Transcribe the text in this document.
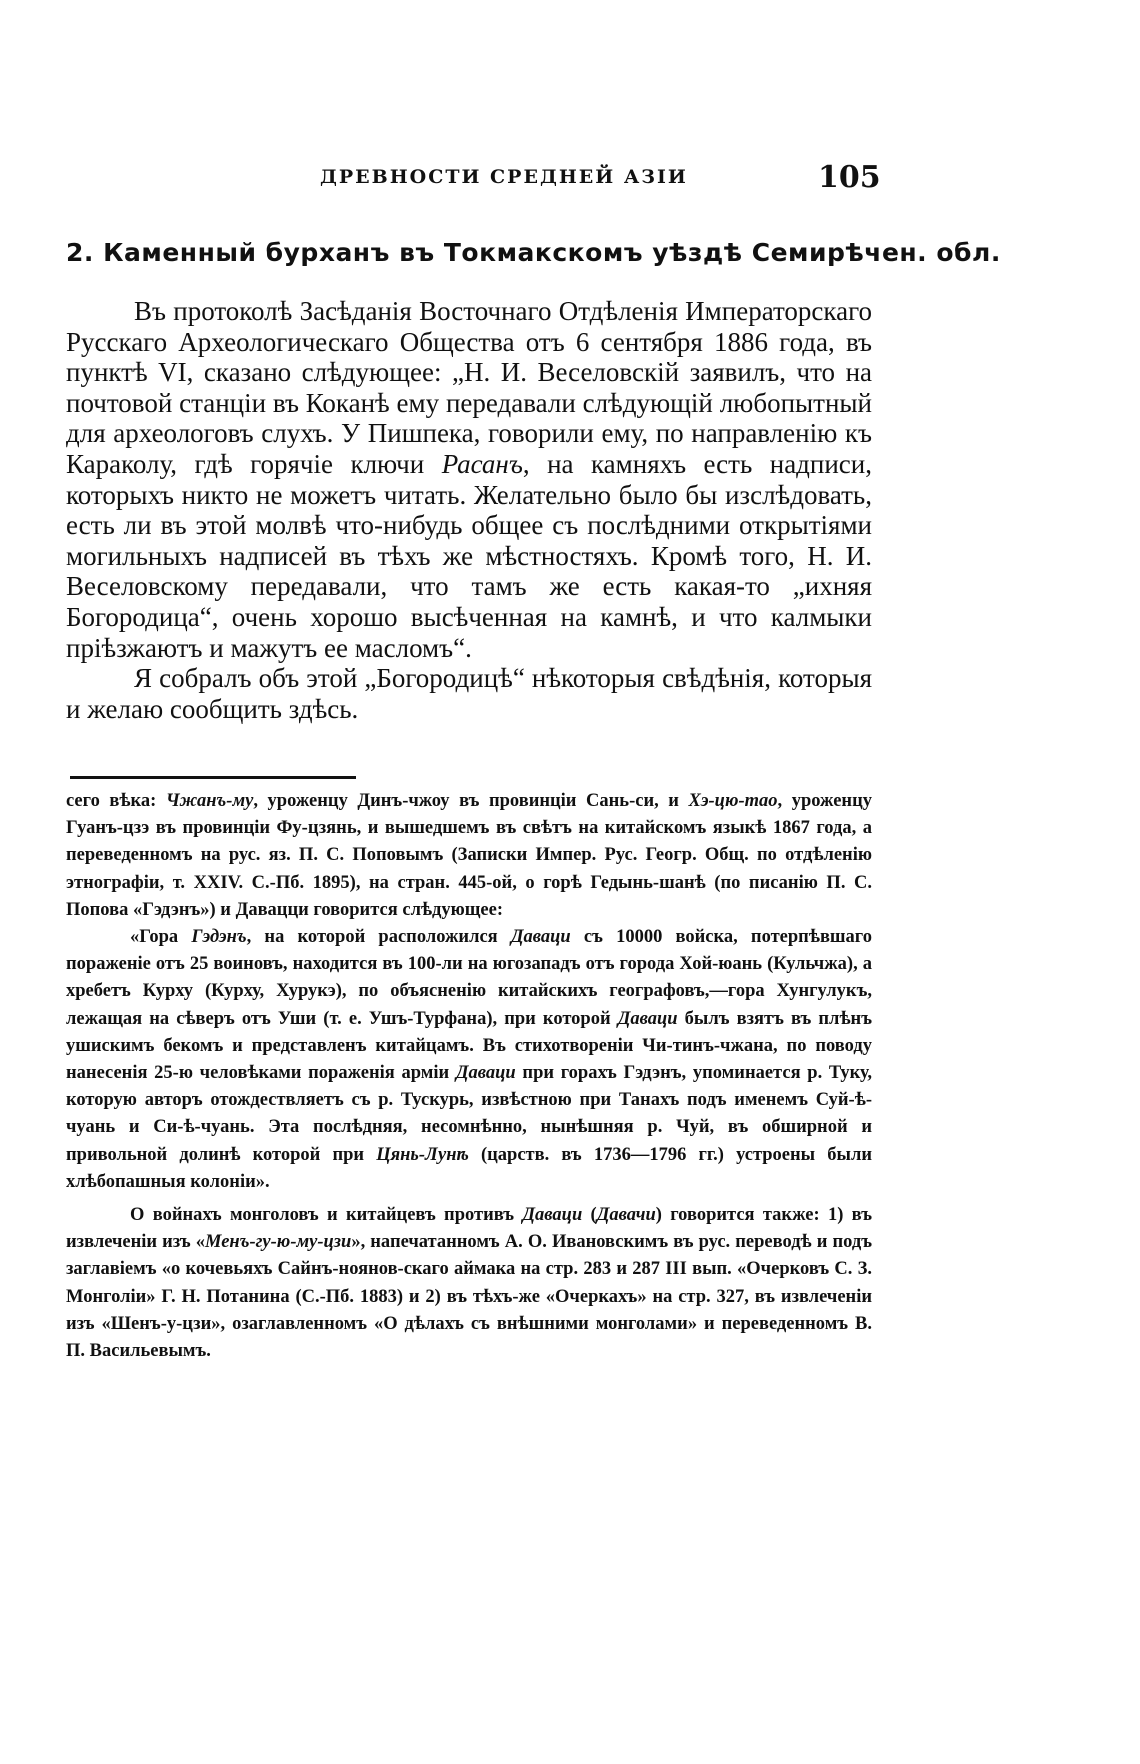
ДРЕВНОСТИ СРЕДНЕЙ АЗІИ	105
2. Каменный бурханъ въ Токмакскомъ уѣздѣ Семирѣчен. обл.

Въ протоколѣ Засѣданія Восточнаго Отдѣленія Императорскаго Русскаго Археологическаго Общества отъ 6 сентября 1886 года, въ пунктѣ VI, сказано слѣдующее: „Н. И. Веселовскій заявилъ, что на почтовой станціи въ Коканѣ ему передавали слѣдующій любопытный для археологовъ слухъ. У Пишпека, говорили ему, по направленію къ Караколу, гдѣ горячіе ключи Расанъ, на камняхъ есть надписи, которыхъ никто не можетъ читать. Желательно было бы изслѣдовать, есть ли въ этой молвѣ что-нибудь общее съ послѣдними открытіями могильныхъ надписей въ тѣхъ же мѣстностяхъ. Кромѣ того, Н. И. Веселовскому передавали, что тамъ же есть какая-то „ихняя Богородица“, очень хорошо высѣченная на камнѣ, и что калмыки пріѣзжаютъ и мажутъ ее масломъ“.

Я собралъ объ этой „Богородицѣ“ нѣкоторыя свѣдѣнія, которыя и желаю сообщить здѣсь.

сего вѣка: Чжанъ-му, уроженцу Динъ-чжоу въ провинціи Сань-си, и Хэ-цю-тао, уроженцу Гуанъ-цзэ въ провинціи Фу-цзянь, и вышедшемъ въ свѣтъ на китайскомъ языкѣ 1867 года, а переведенномъ на рус. яз. П. С. Поповымъ (Записки Импер. Рус. Геогр. Общ. по отдѣленію этнографіи, т. XXIV. С.-Пб. 1895), на стран. 445-ой, о горѣ Гедынь-шанѣ (по писанію П. С. Попова «Гэдэнъ») и Давацци говорится слѣдующее:

«Гора Гэдэнъ, на которой расположился Даваци съ 10000 войска, потерпѣвшаго пораженіе отъ 25 воиновъ, находится въ 100-ли на югозападъ отъ города Хой-юань (Кульчжа), а хребетъ Курху (Курху, Хурукэ), по объясненію китайскихъ географовъ,—гора Хунгулукъ, лежащая на сѣверъ отъ Уши (т. е. Ушъ-Турфана), при которой Даваци былъ взятъ въ плѣнъ ушискимъ бекомъ и представленъ китайцамъ. Въ стихотвореніи Чи-тинъ-чжана, по поводу нанесенія 25-ю человѣками пораженія арміи Даваци при горахъ Гэдэнъ, упоминается р. Туку, которую авторъ отождествляетъ съ р. Тускурь, извѣстною при Танахъ подъ именемъ Суй-ѣ-чуань и Си-ѣ-чуань. Эта послѣдняя, несомнѣнно, нынѣшняя р. Чуй, въ обширной и привольной долинѣ которой при Цянь-Лунѣ (царств. въ 1736—1796 гг.) устроены были хлѣбопашныя колоніи».

О войнахъ монголовъ и китайцевъ противъ Даваци (Давачи) говорится также: 1) въ извлеченіи изъ «Менъ-гу-ю-му-цзи», напечатанномъ А. О. Ивановскимъ въ рус. переводѣ и подъ заглавіемъ «о кочевьяхъ Сайнъ-ноянов-скаго аймака на стр. 283 и 287 III вып. «Очерковъ С. З. Монголіи» Г. Н. Потанина (С.-Пб. 1883) и 2) въ тѣхъ-же «Очеркахъ» на стр. 327, въ извлеченіи изъ «Шенъ-у-цзи», озаглавленномъ «О дѣлахъ съ внѣшними монголами» и переведенномъ В. П. Васильевымъ.
